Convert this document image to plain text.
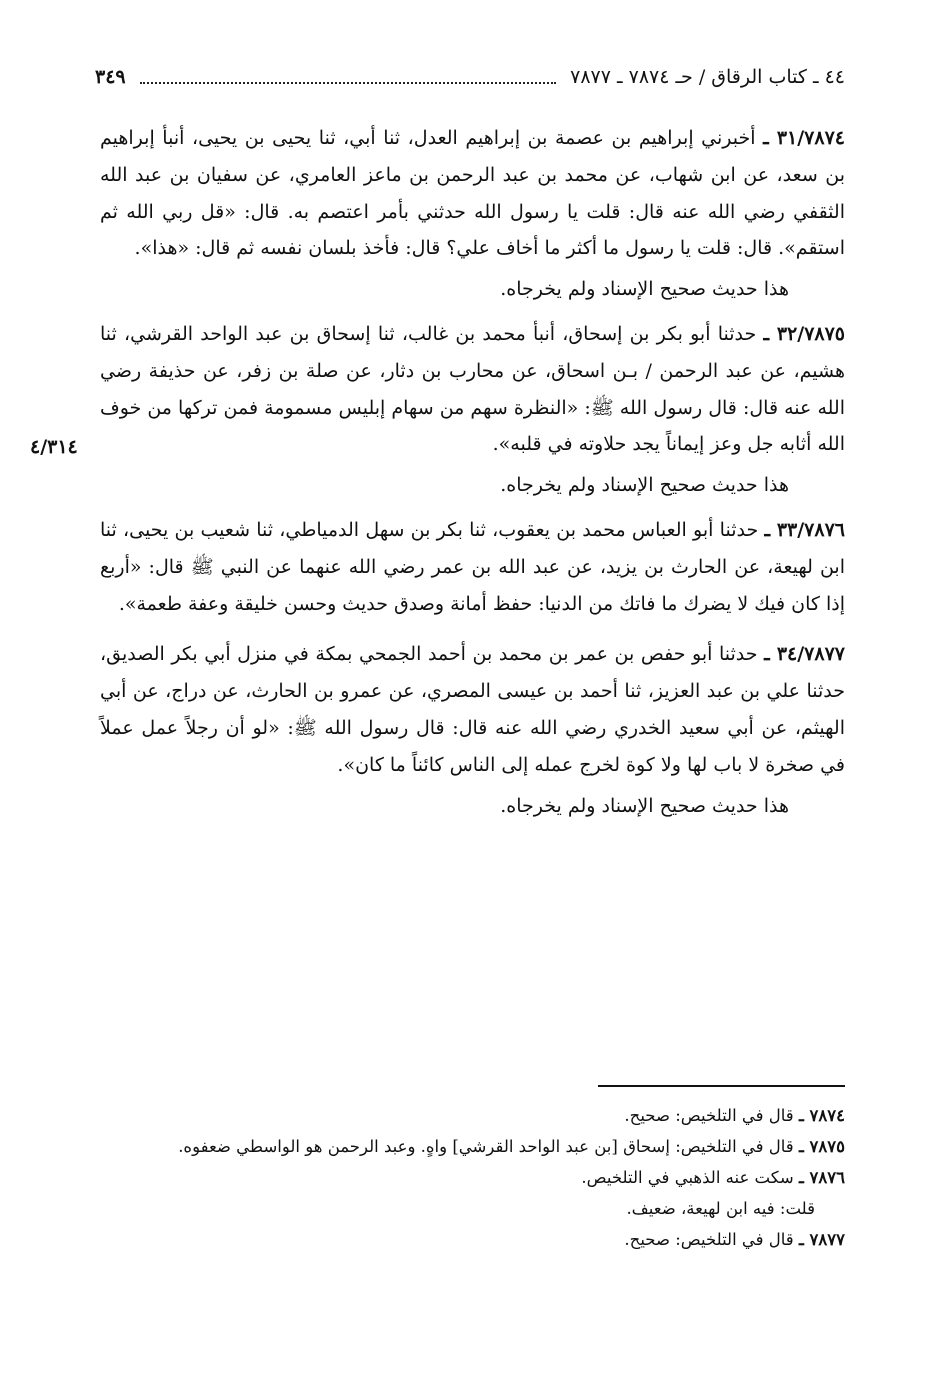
٤٤ ـ كتاب الرقاق / حـ ٧٨٧٤ ـ ٧٨٧٧
٣٤٩
٤/٣١٤

٣١/٧٨٧٤ ـ أخبرني إبراهيم بن عصمة بن إبراهيم العدل، ثنا أبي، ثنا يحيى بن يحيى، أنبأ إبراهيم بن سعد، عن ابن شهاب، عن محمد بن عبد الرحمن بن ماعز العامري، عن سفيان بن عبد الله الثقفي رضي الله عنه قال: قلت يا رسول الله حدثني بأمر اعتصم به. قال: «قل ربي الله ثم استقم». قال: قلت يا رسول ما أكثر ما أخاف علي؟ قال: فأخذ بلسان نفسه ثم قال: «هذا».

هذا حديث صحيح الإسناد ولم يخرجاه.

٣٢/٧٨٧٥ ـ حدثنا أبو بكر بن إسحاق، أنبأ محمد بن غالب، ثنا إسحاق بن عبد الواحد القرشي، ثنا هشيم، عن عبد الرحمن / بـن اسحاق، عن محارب بن دثار، عن صلة بن زفر، عن حذيفة رضي الله عنه قال: قال رسول الله ﷺ: «النظرة سهم من سهام إبليس مسمومة فمن تركها من خوف الله أثابه جل وعز إيماناً يجد حلاوته في قلبه».

هذا حديث صحيح الإسناد ولم يخرجاه.

٣٣/٧٨٧٦ ـ حدثنا أبو العباس محمد بن يعقوب، ثنا بكر بن سهل الدمياطي، ثنا شعيب بن يحيى، ثنا ابن لهيعة، عن الحارث بن يزيد، عن عبد الله بن عمر رضي الله عنهما عن النبي ﷺ قال: «أربع إذا كان فيك لا يضرك ما فاتك من الدنيا: حفظ أمانة وصدق حديث وحسن خليقة وعفة طعمة».

٣٤/٧٨٧٧ ـ حدثنا أبو حفص بن عمر بن محمد بن أحمد الجمحي بمكة في منزل أبي بكر الصديق، حدثنا علي بن عبد العزيز، ثنا أحمد بن عيسى المصري، عن عمرو بن الحارث، عن دراج، عن أبي الهيثم، عن أبي سعيد الخدري رضي الله عنه قال: قال رسول الله ﷺ: «لو أن رجلاً عمل عملاً في صخرة لا باب لها ولا كوة لخرج عمله إلى الناس كائناً ما كان».

هذا حديث صحيح الإسناد ولم يخرجاه.

٧٨٧٤ ـ قال في التلخيص: صحيح.

٧٨٧٥ ـ قال في التلخيص: إسحاق [بن عبد الواحد القرشي] واهٍ. وعبد الرحمن هو الواسطي ضعفوه.

٧٨٧٦ ـ سكت عنه الذهبي في التلخيص.

قلت: فيه ابن لهيعة، ضعيف.

٧٨٧٧ ـ قال في التلخيص: صحيح.
